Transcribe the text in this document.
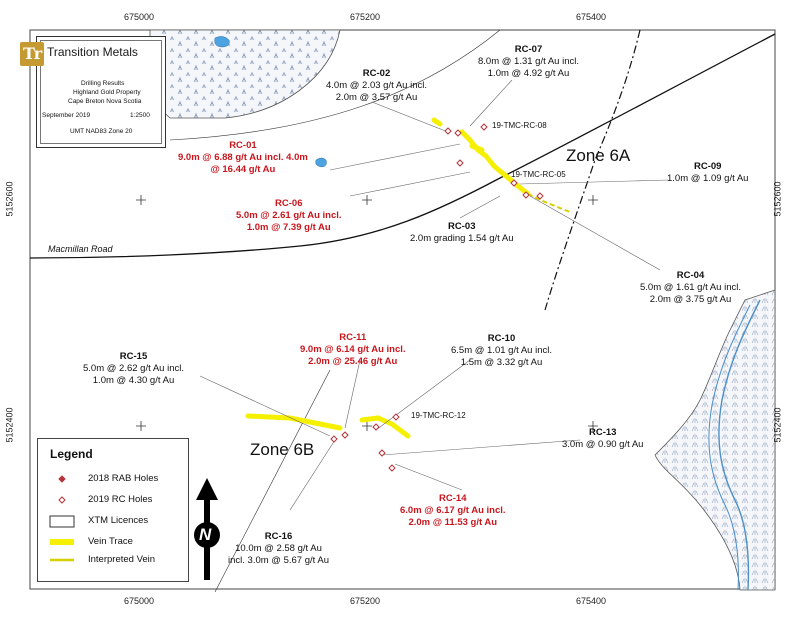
675000	675200	675400
675000	675200	675400
5152600
5152400
5152600
5152400
Tr Transition Metals
Drilling Results
Highland Gold Property
Cape Breton Nova Scotia
September 2019	1:2500
UMT NAD83 Zone 20
Macmillan Road
Zone 6A
Zone 6B
19-TMC-RC-08
19-TMC-RC-05
19-TMC-RC-12
RC-07
8.0m @ 1.31 g/t Au incl.
1.0m @ 4.92 g/t Au
RC-02
4.0m @ 2.03 g/t Au incl.
2.0m @ 3.57 g/t Au
RC-01
9.0m @ 6.88 g/t Au incl. 4.0m
@ 16.44 g/t Au	RC-09
1.0m @ 1.09 g/t Au
RC-06
5.0m @ 2.61 g/t Au incl.
1.0m @ 7.39 g/t Au	RC-03
2.0m grading 1.54 g/t Au
RC-04
5.0m @ 1.61 g/t Au incl.
2.0m @ 3.75 g/t Au
RC-11
9.0m @ 6.14 g/t Au incl.
2.0m @ 25.46 g/t Au
RC-10
6.5m @ 1.01 g/t Au incl.
1.5m @ 3.32 g/t Au
RC-15
5.0m @ 2.62 g/t Au incl.
1.0m @ 4.30 g/t Au
RC-13
3.0m @ 0.90 g/t Au
RC-14
6.0m @ 6.17 g/t Au incl.
2.0m @ 11.53 g/t Au
RC-16
10.0m @ 2.58 g/t Au
incl. 3.0m @ 5.67 g/t Au
Legend
2018 RAB Holes
2019 RC Holes
XTM Licences
Vein Trace
Interpreted Vein
N
